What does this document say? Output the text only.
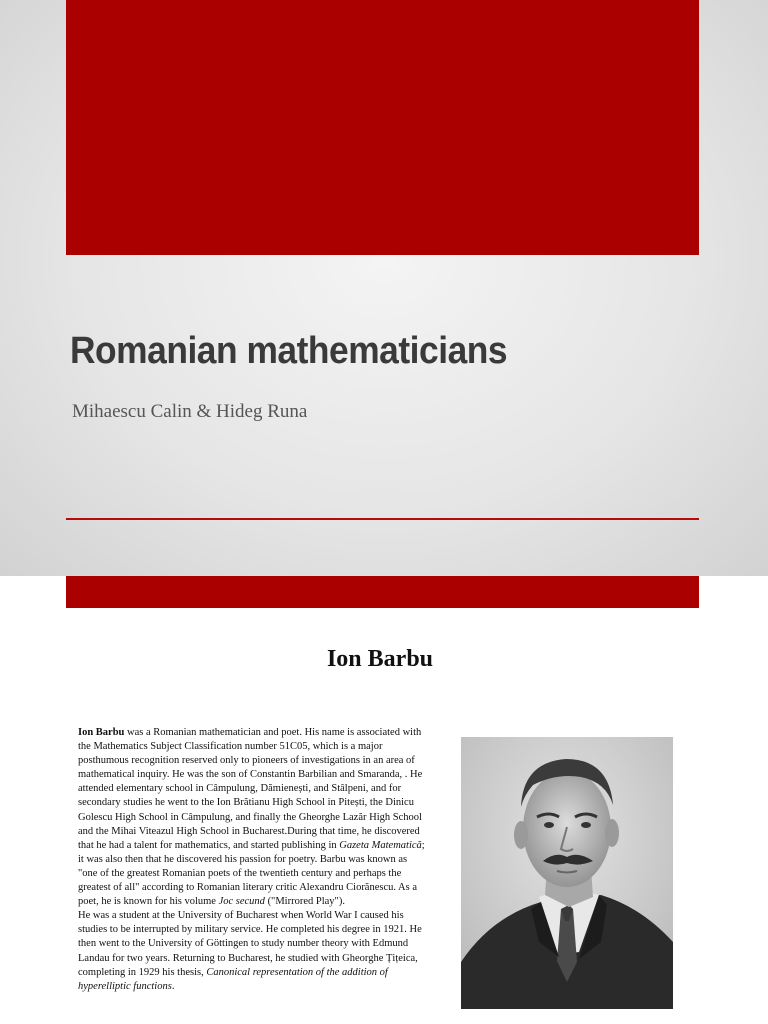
Romanian mathematicians
Mihaescu Calin & Hideg Runa
Ion Barbu

Ion Barbu was a Romanian mathematician and poet. His name is associated with the Mathematics Subject Classification number 51C05, which is a major posthumous recognition reserved only to pioneers of investigations in an area of mathematical inquiry. He was the son of Constantin Barbilian and Smaranda, . He attended elementary school in Câmpulung, Dămienești, and Stâlpeni, and for secondary studies he went to the Ion Brătianu High School in Pitești, the Dinicu Golescu High School in Câmpulung, and finally the Gheorghe Lazăr High School and the Mihai Viteazul High School in Bucharest.During that time, he discovered that he had a talent for mathematics, and started publishing in Gazeta Matematică; it was also then that he discovered his passion for poetry. Barbu was known as "one of the greatest Romanian poets of the twentieth century and perhaps the greatest of all" according to Romanian literary critic Alexandru Ciorănescu. As a poet, he is known for his volume Joc secund ("Mirrored Play").

He was a student at the University of Bucharest when World War I caused his studies to be interrupted by military service. He completed his degree in 1921. He then went to the University of Göttingen to study number theory with Edmund Landau for two years. Returning to Bucharest, he studied with Gheorghe Țițeica, completing in 1929 his thesis, Canonical representation of the addition of hyperelliptic functions.
